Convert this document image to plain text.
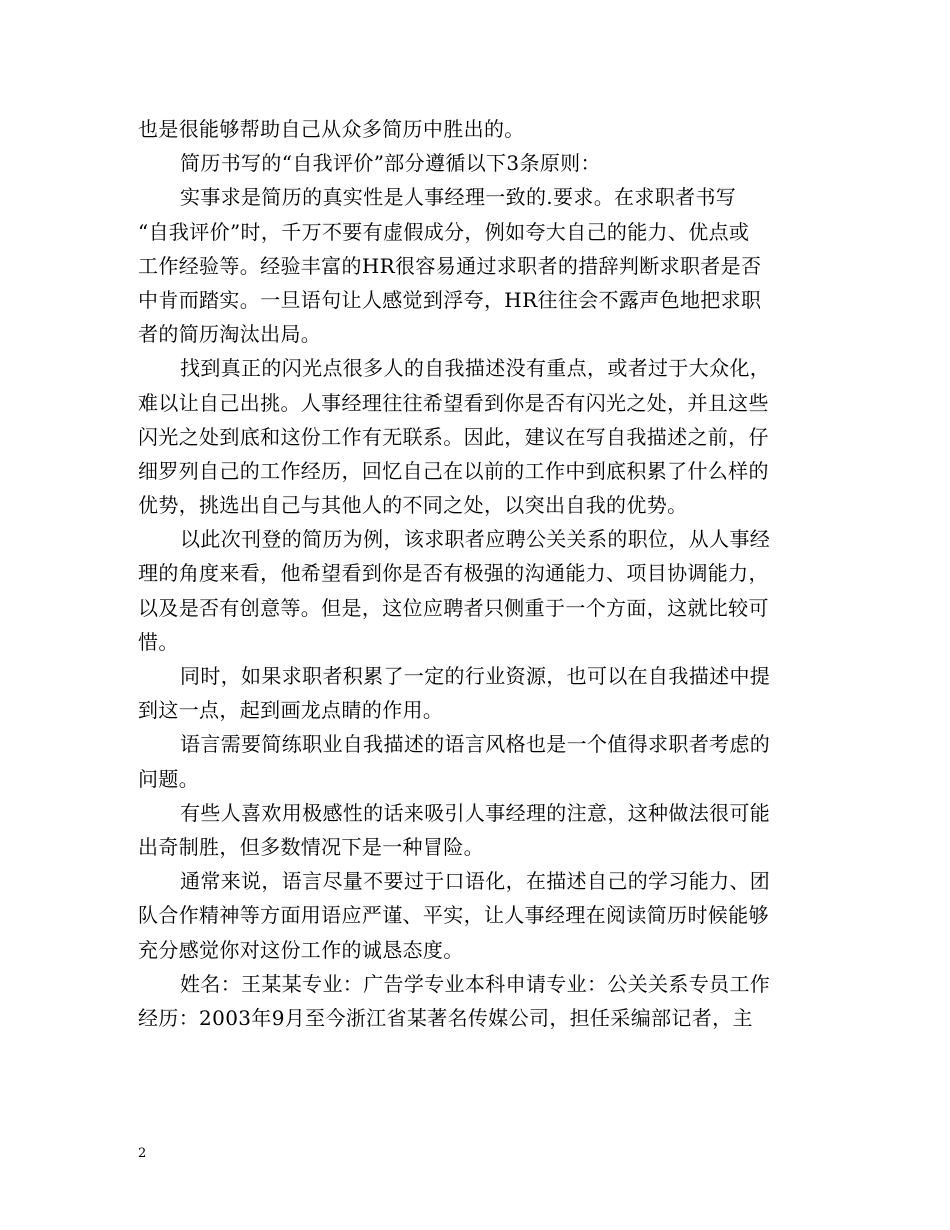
也是很能够帮助自己从众多简历中胜出的。
简历书写的“自我评价”部分遵循以下3条原则：
实事求是简历的真实性是人事经理一致的.要求。在求职者书写
“自我评价”时，千万不要有虚假成分，例如夸大自己的能力、优点或
工作经验等。经验丰富的HR很容易通过求职者的措辞判断求职者是否
中肯而踏实。一旦语句让人感觉到浮夸，HR往往会不露声色地把求职
者的简历淘汰出局。
找到真正的闪光点很多人的自我描述没有重点，或者过于大众化，
难以让自己出挑。人事经理往往希望看到你是否有闪光之处，并且这些
闪光之处到底和这份工作有无联系。因此，建议在写自我描述之前，仔
细罗列自己的工作经历，回忆自己在以前的工作中到底积累了什么样的
优势，挑选出自己与其他人的不同之处，以突出自我的优势。
以此次刊登的简历为例，该求职者应聘公关关系的职位，从人事经
理的角度来看，他希望看到你是否有极强的沟通能力、项目协调能力，
以及是否有创意等。但是，这位应聘者只侧重于一个方面，这就比较可
惜。
同时，如果求职者积累了一定的行业资源，也可以在自我描述中提
到这一点，起到画龙点睛的作用。
语言需要简练职业自我描述的语言风格也是一个值得求职者考虑的
问题。
有些人喜欢用极感性的话来吸引人事经理的注意，这种做法很可能
出奇制胜，但多数情况下是一种冒险。
通常来说，语言尽量不要过于口语化，在描述自己的学习能力、团
队合作精神等方面用语应严谨、平实，让人事经理在阅读简历时候能够
充分感觉你对这份工作的诚恳态度。
姓名：王某某专业：广告学专业本科申请专业：公关关系专员工作
经历：2003年9月至今浙江省某著名传媒公司，担任采编部记者，主
2
